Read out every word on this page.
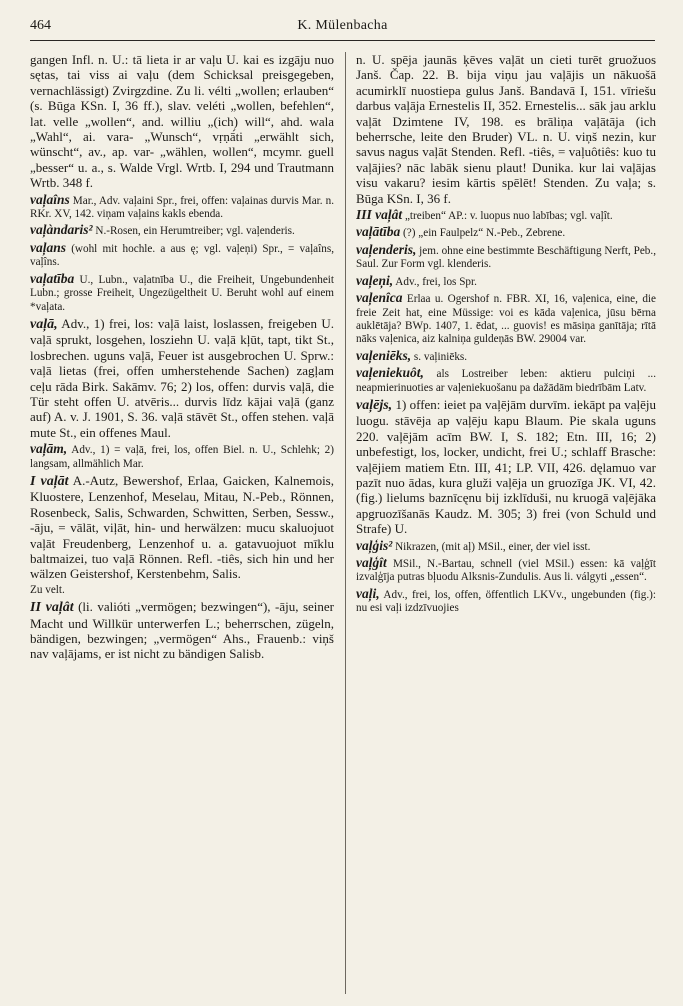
464	K. Mülenbacha

gangen Infl. n. U.: tā lieta ir ar vaļu U. kai es izgāju nuo sętas, tai viss ai vaļu (dem Schicksal preisgegeben, vernachlässigt) Zvirgzdine. Zu li. vélti „wollen; erlauben“ (s. Būga KSn. I, 36 ff.), slav. veléti „wollen, befehlen“, lat. velle „wollen“, and. williu „(ich) will“, ahd. wala „Wahl“, ai. vara- „Wunsch“, vṛṇā́ti „erwählt sich, wünscht“, av., ap. var- „wählen, wollen“, mcymr. guell „besser“ u. a., s. Walde Vrgl. Wrtb. I, 294 und Trautmann Wrtb. 348 f.

vaļaîns Mar., Adv. vaļaini Spr., frei, offen: vaļainas durvis Mar. n. RKr. XV, 142. viņam vaļains kakls ebenda.

vaļàndaris² N.-Rosen, ein Herumtreiber; vgl. vaļenderis.

vaļans (wohl mit hochle. a aus ę; vgl. vaļeņi) Spr., = vaļaîns, vaļîns.

vaļatība U., Lubn., vaļatnība U., die Freiheit, Ungebundenheit Lubn.; grosse Freiheit, Ungezügeltheit U. Beruht wohl auf einem *vaļata.

vaļā, Adv., 1) frei, los: vaļā laist, loslassen, freigeben U. vaļā sprukt, losgehen, losziehn U. vaļā kļūt, tapt, tikt St., losbrechen. uguns vaļā, Feuer ist ausgebrochen U. Sprw.: vaļā lietas (frei, offen umherstehende Sachen) zagļam ceļu rāda Birk. Sakāmv. 76; 2) los, offen: durvis vaļā, die Tür steht offen U. atvēris... durvis līdz kājai vaļā (ganz auf) A. v. J. 1901, S. 36. vaļā stāvēt St., offen stehen. vaļā mute St., ein offenes Maul.

vaļām, Adv., 1) = vaļā, frei, los, offen Biel. n. U., Schlehk; 2) langsam, allmählich Mar.

I vaļāt A.-Autz, Bewershof, Erlaa, Gaicken, Kalnemois, Kluostere, Lenzenhof, Meselau, Mitau, N.-Peb., Rönnen, Rosenbeck, Salis, Schwarden, Schwitten, Serben, Sessw., -āju, = vālāt, viļāt, hin- und herwälzen: mucu skaluojuot vaļāt Freudenberg, Lenzenhof u. a. gatavuojuot mīklu baltmaizei, tuo vaļā Rönnen. Refl. -tiês, sich hin und her wälzen Geistershof, Kerstenbehm, Salis.

Zu velt.

II vaļât (li. valióti „vermögen; bezwingen“), -āju, seiner Macht und Willkür unterwerfen L.; beherrschen, zügeln, bändigen, bezwingen; „vermögen“ Ahs., Frauenb.: viņš nav vaļājams, er ist nicht zu bändigen Salisb.

n. U. spēja jaunās ķēves vaļāt un cieti turēt gruožuos Janš. Čap. 22. B. bija viņu jau vaļājis un nākuošā acumirklī nuostiepa gulus Janš. Bandavā I, 151. vīriešu darbus vaļāja Ernestelis II, 352. Ernestelis... sāk jau arklu vaļāt Dzimtene IV, 198. es brāliņa vaļātāja (ich beherrsche, leite den Bruder) VL. n. U. viņš nezin, kur savus nagus vaļāt Stenden. Refl. -tiês, = vaļuôtiês: kuo tu vaļājies? nāc labāk sienu plaut! Dunika. kur lai vaļājas visu vakaru? iesim kārtis spēlēt! Stenden. Zu vaļa; s. Būga KSn. I, 36 f.

III vaļât „treiben“ AP.: v. luopus nuo labības; vgl. vaļît.

vaļātība (?) „ein Faulpelz“ N.-Peb., Zebrene.

vaļenderis, jem. ohne eine bestimmte Beschäftigung Nerft, Peb., Saul. Zur Form vgl. klenderis.

vaļeņi, Adv., frei, los Spr.

vaļenîca Erlaa u. Ogershof n. FBR. XI, 16, vaļenica, eine, die freie Zeit hat, eine Müssige: voi es kāda vaļenica, jūsu bērna auklētāja? BWp. 1407, 1. ēdat, ... guovis! es māsiņa ganītāja; rītā nāks vaļenica, aiz kalniņa guldeņās BW. 29004 var.

vaļeniēks, s. vaļiniēks.

vaļeniekuôt, als Lostreiber leben: aktieru pulciņi ... neapmierinuoties ar vaļeniekuošanu pa dažādām biedrībām Latv.

vaļējs, 1) offen: ieiet pa vaļējām durvīm. iekāpt pa vaļēju luogu. stāvēja ap vaļēju kapu Blaum. Pie skala uguns 220. vaļējām acīm BW. I, S. 182; Etn. III, 16; 2) unbefestigt, los, locker, undicht, frei U.; schlaff Brasche: vaļējiem matiem Etn. III, 41; LP. VII, 426. dęlamuo var pazīt nuo ādas, kura gluži vaļēja un gruozīga JK. VI, 42. (fig.) lielums baznīcęnu bij izklīduši, nu kruogā vaļējāka apgruozīšanās Kaudz. M. 305; 3) frei (von Schuld und Strafe) U.

vaļģis² Nikrazen, (mit aļ) MSil., einer, der viel isst.

vaļģît MSil., N.-Bartau, schnell (viel MSil.) essen: kā vaļģīt izvalģīja putras bļuodu Alksnis-Zundulis. Aus li. válgyti „essen“.

vaļi, Adv., frei, los, offen, öffentlich LKVv., ungebunden (fig.): nu esi vaļi izdzīvuojies
